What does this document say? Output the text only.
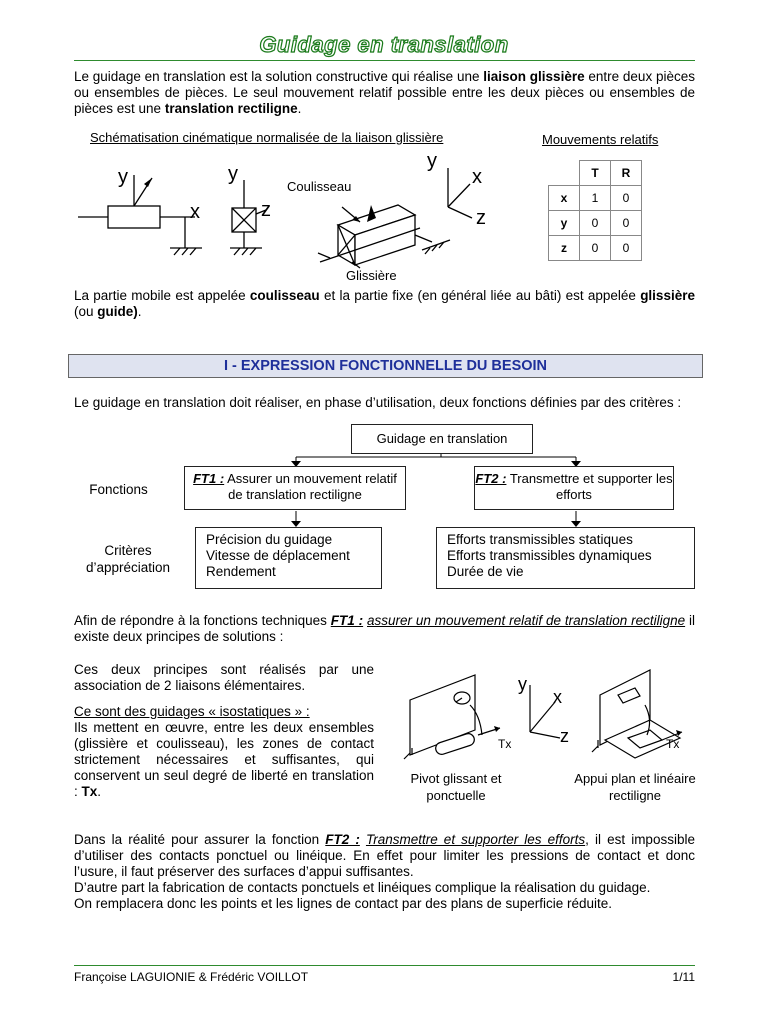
Guidage en translation
Le guidage en translation est la solution constructive qui réalise une liaison glissière entre deux pièces ou ensembles de pièces. Le seul mouvement relatif possible entre les deux pièces ou ensembles de pièces est une translation rectiligne.
Schématisation cinématique normalisée de la liaison glissière	Mouvements relatifs
y
x
y
z
Coulisseau
Glissière
y
x
z
	T	R
x	1	0
y	0	0
z	0	0
La partie mobile est appelée coulisseau et la partie fixe (en général liée au bâti) est appelée glissière (ou guide).
I - EXPRESSION FONCTIONNELLE DU BESOIN
Le guidage en translation doit réaliser, en phase d’utilisation, deux fonctions définies par des critères :
Guidage en translation
Fonctions
FT1 : Assurer un mouvement relatif de translation rectiligne
FT2 : Transmettre et supporter les efforts
Critères d’appréciation
Précision du guidage
Vitesse de déplacement
Rendement
Efforts transmissibles statiques
Efforts transmissibles dynamiques
Durée de vie
Afin de répondre à la fonctions techniques FT1 : assurer un mouvement relatif de translation rectiligne il existe deux principes de solutions :
Ces deux principes sont réalisés par une association de 2 liaisons élémentaires.
Ce sont des guidages « isostatiques » :
Ils mettent en œuvre, entre les deux ensembles (glissière et coulisseau), les zones de contact strictement nécessaires et suffisantes, qui conservent un seul degré de liberté en translation : Tx.
y
x
z
Tx	Tx
Pivot glissant et ponctuelle
Appui plan et linéaire rectiligne
Dans la réalité pour assurer la fonction FT2 : Transmettre et supporter les efforts, il est impossible d’utiliser des contacts ponctuel ou linéique. En effet pour limiter les pressions de contact et donc l’usure, il faut préserver des surfaces d’appui suffisantes.
D’autre part la fabrication de contacts ponctuels et linéiques complique la réalisation du guidage.
On remplacera donc les points et les lignes de contact par des plans de superficie réduite.
Françoise LAGUIONIE & Frédéric VOILLOT	1/11
